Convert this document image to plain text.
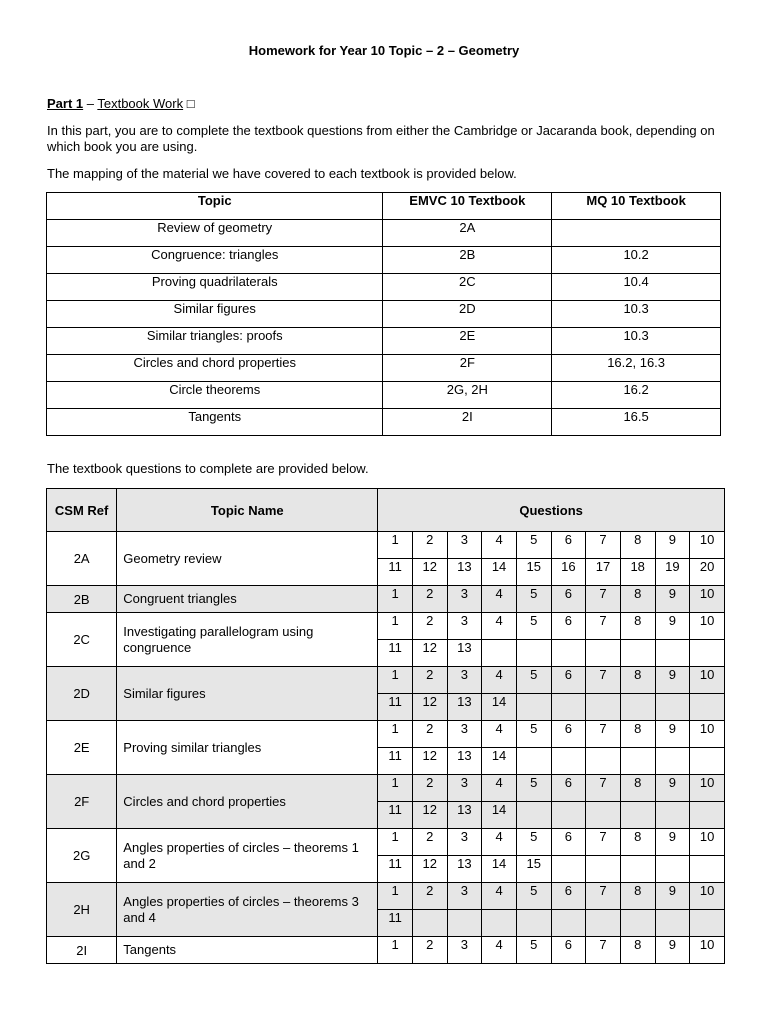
Homework for Year 10 Topic – 2 – Geometry
Part 1 – Textbook Work □
In this part, you are to complete the textbook questions from either the Cambridge or Jacaranda book, depending on which book you are using.
The mapping of the material we have covered to each textbook is provided below.
Topic	EMVC 10 Textbook	MQ 10 Textbook
Review of geometry	2A	
Congruence: triangles	2B	10.2
Proving quadrilaterals	2C	10.4
Similar figures	2D	10.3
Similar triangles: proofs	2E	10.3
Circles and chord properties	2F	16.2, 16.3
Circle theorems	2G, 2H	16.2
Tangents	2I	16.5
The textbook questions to complete are provided below.
CSM Ref	Topic Name	Questions									
2A	Geometry review	1	2	3	4	5	6	7	8	9	10
		11	12	13	14	15	16	17	18	19	20
2B	Congruent triangles	1	2	3	4	5	6	7	8	9	10
2C	Investigating parallelogram using congruence	1	2	3	4	5	6	7	8	9	10
		11	12	13							
2D	Similar figures	1	2	3	4	5	6	7	8	9	10
		11	12	13	14						
2E	Proving similar triangles	1	2	3	4	5	6	7	8	9	10
		11	12	13	14						
2F	Circles and chord properties	1	2	3	4	5	6	7	8	9	10
		11	12	13	14						
2G	Angles properties of circles – theorems 1 and 2	1	2	3	4	5	6	7	8	9	10
		11	12	13	14	15					
2H	Angles properties of circles – theorems 3 and 4	1	2	3	4	5	6	7	8	9	10
		11									
2I	Tangents	1	2	3	4	5	6	7	8	9	10
